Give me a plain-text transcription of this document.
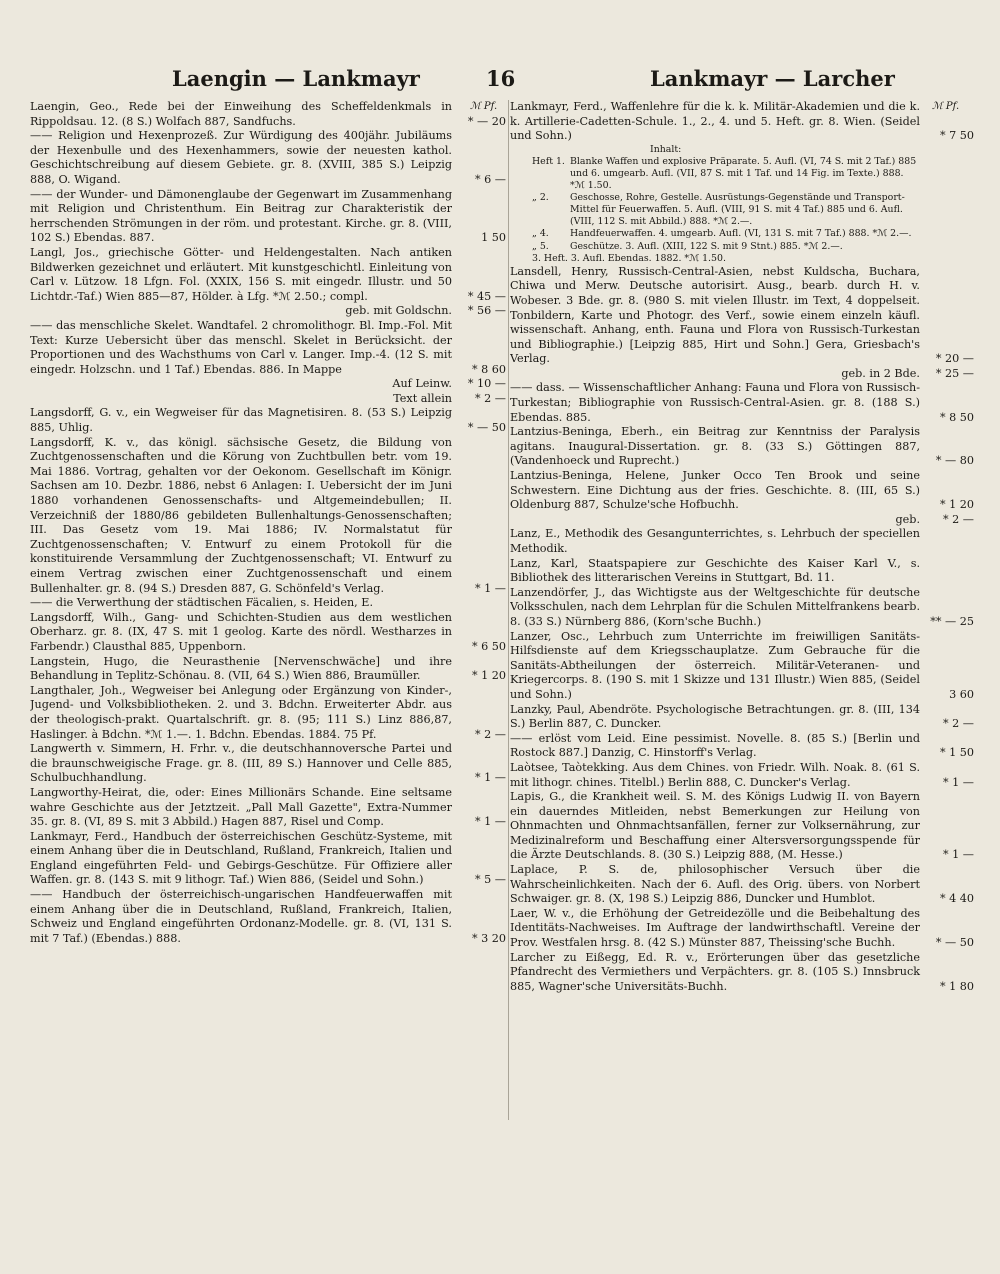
Laengin — Lankmayr	16	Lankmayr — Larcher
ℳ Pf.	ℳ Pf.
Laengin, Geo., Rede bei der Einweihung des Scheffeldenkmals in Rippoldsau. 12. (8 S.) Wolfach 887, Sandfuchs.	* — 20
—— Religion und Hexenprozeß. Zur Würdigung des 400jähr. Jubiläums der Hexenbulle und des Hexenhammers, sowie der neuesten kathol. Geschichtschreibung auf diesem Gebiete. gr. 8. (XVIII, 385 S.) Leipzig 888, O. Wigand.	* 6 —
—— der Wunder- und Dämonenglaube der Gegenwart im Zusammenhang mit Religion und Christenthum. Ein Beitrag zur Charakteristik der herrschenden Strömungen in der röm. und protestant. Kirche. gr. 8. (VIII, 102 S.) Ebendas. 887.	1 50
Langl, Jos., griechische Götter- und Heldengestalten. Nach antiken Bildwerken gezeichnet und erläutert. Mit kunstgeschichtl. Einleitung von Carl v. Lützow. 18 Lfgn. Fol. (XXIX, 156 S. mit eingedr. Illustr. und 50 Lichtdr.-Taf.) Wien 885—87, Hölder. à Lfg. *ℳ 2.50.; compl.	* 45 —
geb. mit Goldschn. * 56 —
—— das menschliche Skelet. Wandtafel. 2 chromolithogr. Bl. Imp.-Fol. Mit Text: Kurze Uebersicht über das menschl. Skelet in Berücksicht. der Proportionen und des Wachsthums von Carl v. Langer. Imp.-4. (12 S. mit eingedr. Holzschn. und 1 Taf.) Ebendas. 886. In Mappe	* 8 60
Auf Leinw. * 10 —
Text allein * 2 —
Langsdorff, G. v., ein Wegweiser für das Magnetisiren. 8. (53 S.) Leipzig 885, Uhlig.	* — 50
Langsdorff, K. v., das königl. sächsische Gesetz, die Bildung von Zuchtgenossenschaften und die Körung von Zuchtbullen betr. vom 19. Mai 1886. Vortrag, gehalten vor der Oekonom. Gesellschaft im Königr. Sachsen am 10. Dezbr. 1886, nebst 6 Anlagen: I. Uebersicht der im Juni 1880 vorhandenen Genossenschafts- und Altgemeindebullen; II. Verzeichniß der 1880/86 gebildeten Bullenhaltungs-Genossenschaften; III. Das Gesetz vom 19. Mai 1886; IV. Normalstatut für Zuchtgenossenschaften; V. Entwurf zu einem Protokoll für die konstituirende Versammlung der Zuchtgenossenschaft; VI. Entwurf zu einem Vertrag zwischen einer Zuchtgenossenschaft und einem Bullenhalter. gr. 8. (94 S.) Dresden 887, G. Schönfeld's Verlag.	* 1 —
—— die Verwerthung der städtischen Fäcalien, s. Heiden, E.
Langsdorff, Wilh., Gang- und Schichten-Studien aus dem westlichen Oberharz. gr. 8. (IX, 47 S. mit 1 geolog. Karte des nördl. Westharzes in Farbendr.) Clausthal 885, Uppenborn.	* 6 50
Langstein, Hugo, die Neurasthenie [Nervenschwäche] und ihre Behandlung in Teplitz-Schönau. 8. (VII, 64 S.) Wien 886, Braumüller.	* 1 20
Langthaler, Joh., Wegweiser bei Anlegung oder Ergänzung von Kinder-, Jugend- und Volksbibliotheken. 2. und 3. Bdchn. Erweiterter Abdr. aus der theologisch-prakt. Quartalschrift. gr. 8. (95; 111 S.) Linz 886,87, Haslinger. à Bdchn. *ℳ 1.—. 1. Bdchn. Ebendas. 1884. 75 Pf.	* 2 —
Langwerth v. Simmern, H. Frhr. v., die deutschhannoversche Partei und die braunschweigische Frage. gr. 8. (III, 89 S.) Hannover und Celle 885, Schulbuchhandlung.	* 1 —
Langworthy-Heirat, die, oder: Eines Millionärs Schande. Eine seltsame wahre Geschichte aus der Jetztzeit. „Pall Mall Gazette", Extra-Nummer 35. gr. 8. (VI, 89 S. mit 3 Abbild.) Hagen 887, Risel und Comp.	* 1 —
Lankmayr, Ferd., Handbuch der österreichischen Geschütz-Systeme, mit einem Anhang über die in Deutschland, Rußland, Frankreich, Italien und England eingeführten Feld- und Gebirgs-Geschütze. Für Offiziere aller Waffen. gr. 8. (143 S. mit 9 lithogr. Taf.) Wien 886, (Seidel und Sohn.)	* 5 —
—— Handbuch der österreichisch-ungarischen Handfeuerwaffen mit einem Anhang über die in Deutschland, Rußland, Frankreich, Italien, Schweiz und England eingeführten Ordonanz-Modelle. gr. 8. (VI, 131 S. mit 7 Taf.) (Ebendas.) 888.	* 3 20
Lankmayr, Ferd., Waffenlehre für die k. k. Militär-Akademien und die k. k. Artillerie-Cadetten-Schule. 1., 2., 4. und 5. Heft. gr. 8. Wien. (Seidel und Sohn.)	* 7 50
Inhalt:
Heft 1. Blanke Waffen und explosive Präparate. 5. Aufl. (VI, 74 S. mit 2 Taf.) 885 und 6. umgearb. Aufl. (VII, 87 S. mit 1 Taf. und 14 Fig. im Texte.) 888. *ℳ 1.50.
„ 2. Geschosse, Rohre, Gestelle. Ausrüstungs-Gegenstände und Transport-Mittel für Feuerwaffen. 5. Aufl. (VIII, 91 S. mit 4 Taf.) 885 und 6. Aufl. (VIII, 112 S. mit Abbild.) 888. *ℳ 2.—.
„ 4. Handfeuerwaffen. 4. umgearb. Aufl. (VI, 131 S. mit 7 Taf.) 888. *ℳ 2.—.
„ 5. Geschütze. 3. Aufl. (XIII, 122 S. mit 9 Stnt.) 885. *ℳ 2.—.
3. Heft. 3. Aufl. Ebendas. 1882. *ℳ 1.50.
Lansdell, Henry, Russisch-Central-Asien, nebst Kuldscha, Buchara, Chiwa und Merw. Deutsche autorisirt. Ausg., bearb. durch H. v. Wobeser. 3 Bde. gr. 8. (980 S. mit vielen Illustr. im Text, 4 doppelseit. Tonbildern, Karte und Photogr. des Verf., sowie einem einzeln käufl. wissenschaft. Anhang, enth. Fauna und Flora von Russisch-Turkestan und Bibliographie.) [Leipzig 885, Hirt und Sohn.] Gera, Griesbach's Verlag.	* 20 —
geb. in 2 Bde. * 25 —
—— dass. — Wissenschaftlicher Anhang: Fauna und Flora von Russisch-Turkestan; Bibliographie von Russisch-Central-Asien. gr. 8. (188 S.) Ebendas. 885.	* 8 50
Lantzius-Beninga, Eberh., ein Beitrag zur Kenntniss der Paralysis agitans. Inaugural-Dissertation. gr. 8. (33 S.) Göttingen 887, (Vandenhoeck und Ruprecht.)	* — 80
Lantzius-Beninga, Helene, Junker Occo Ten Brook und seine Schwestern. Eine Dichtung aus der fries. Geschichte. 8. (III, 65 S.) Oldenburg 887, Schulze'sche Hofbuchh.	* 1 20
geb. * 2 —
Lanz, E., Methodik des Gesangunterrichtes, s. Lehrbuch der speciellen Methodik.
Lanz, Karl, Staatspapiere zur Geschichte des Kaiser Karl V., s. Bibliothek des litterarischen Vereins in Stuttgart, Bd. 11.
Lanzendörfer, J., das Wichtigste aus der Weltgeschichte für deutsche Volksschulen, nach dem Lehrplan für die Schulen Mittelfrankens bearb. 8. (33 S.) Nürnberg 886, (Korn'sche Buchh.)	** — 25
Lanzer, Osc., Lehrbuch zum Unterrichte im freiwilligen Sanitäts-Hilfsdienste auf dem Kriegsschauplatze. Zum Gebrauche für die Sanitäts-Abtheilungen der österreich. Militär-Veteranen- und Kriegercorps. 8. (190 S. mit 1 Skizze und 131 Illustr.) Wien 885, (Seidel und Sohn.)	3 60
Lanzky, Paul, Abendröte. Psychologische Betrachtungen. gr. 8. (III, 134 S.) Berlin 887, C. Duncker.	* 2 —
—— erlöst vom Leid. Eine pessimist. Novelle. 8. (85 S.) [Berlin und Rostock 887.] Danzig, C. Hinstorff's Verlag.	* 1 50
Laòtsee, Taòtekking. Aus dem Chines. von Friedr. Wilh. Noak. 8. (61 S. mit lithogr. chines. Titelbl.) Berlin 888, C. Duncker's Verlag.	* 1 —
Lapis, G., die Krankheit weil. S. M. des Königs Ludwig II. von Bayern ein dauerndes Mitleiden, nebst Bemerkungen zur Heilung von Ohnmachten und Ohnmachtsanfällen, ferner zur Volksernährung, zur Medizinalreform und Beschaffung einer Altersversorgungsspende für die Ärzte Deutschlands. 8. (30 S.) Leipzig 888, (M. Hesse.)	* 1 —
Laplace, P. S. de, philosophischer Versuch über die Wahrscheinlichkeiten. Nach der 6. Aufl. des Orig. übers. von Norbert Schwaiger. gr. 8. (X, 198 S.) Leipzig 886, Duncker und Humblot.	* 4 40
Laer, W. v., die Erhöhung der Getreidezölle und die Beibehaltung des Identitäts-Nachweises. Im Auftrage der landwirthschaftl. Vereine der Prov. Westfalen hrsg. 8. (42 S.) Münster 887, Theissing'sche Buchh.	* — 50
Larcher zu Eißegg, Ed. R. v., Erörterungen über das gesetzliche Pfandrecht des Vermiethers und Verpächters. gr. 8. (105 S.) Innsbruck 885, Wagner'sche Universitäts-Buchh.	* 1 80
